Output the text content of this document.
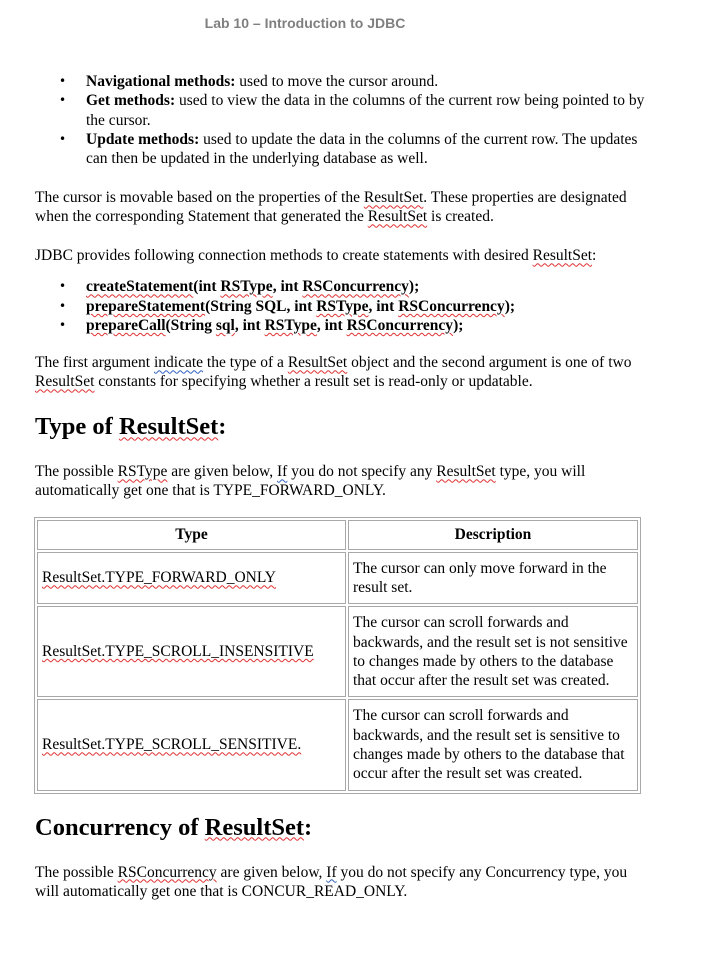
Lab 10 – Introduction to JDBC
• Navigational methods: used to move the cursor around.
• Get methods: used to view the data in the columns of the current row being pointed to by the cursor.
• Update methods: used to update the data in the columns of the current row. The updates can then be updated in the underlying database as well.

The cursor is movable based on the properties of the ResultSet. These properties are designated when the corresponding Statement that generated the ResultSet is created.

JDBC provides following connection methods to create statements with desired ResultSet:

• createStatement(int RSType, int RSConcurrency);
• prepareStatement(String SQL, int RSType, int RSConcurrency);
• prepareCall(String sql, int RSType, int RSConcurrency);

The first argument indicate the type of a ResultSet object and the second argument is one of two ResultSet constants for specifying whether a result set is read-only or updatable.

Type of ResultSet:

The possible RSType are given below, If you do not specify any ResultSet type, you will automatically get one that is TYPE_FORWARD_ONLY.

Type	Description
ResultSet.TYPE_FORWARD_ONLY	The cursor can only move forward in the result set.
ResultSet.TYPE_SCROLL_INSENSITIVE	The cursor can scroll forwards and backwards, and the result set is not sensitive to changes made by others to the database that occur after the result set was created.
ResultSet.TYPE_SCROLL_SENSITIVE.	The cursor can scroll forwards and backwards, and the result set is sensitive to changes made by others to the database that occur after the result set was created.
Concurrency of ResultSet:

The possible RSConcurrency are given below, If you do not specify any Concurrency type, you will automatically get one that is CONCUR_READ_ONLY.
